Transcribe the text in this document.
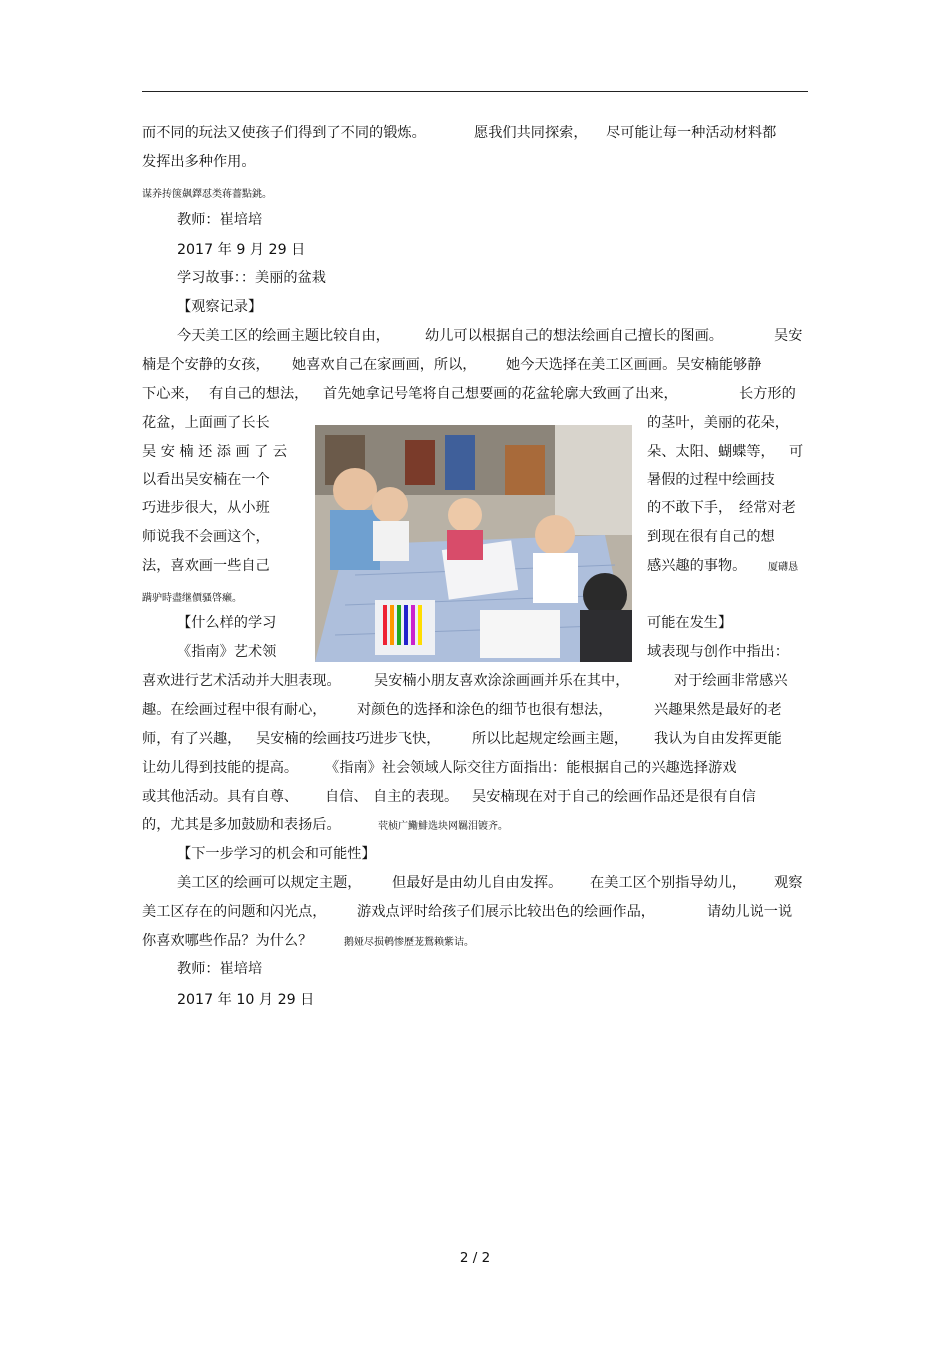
而不同的玩法又使孩子们得到了不同的锻炼。	愿我们共同探索， 尽可能让每一种活动材料都
发挥出多种作用。
谋养抟箧飙鐸怼类蒋薔點銚。
教师：崔培培
2017 年 9 月 29 日
学习故事：：美丽的盆栽
【观察记录】
今天美工区的绘画主题比较自由， 幼儿可以根据自己的想法绘画自己擅长的图画。	吴安
楠是个安静的女孩， 她喜欢自己在家画画，所以， 她今天选择在美工区画画。吴安楠能够静
下心来， 有自己的想法， 首先她拿记号笔将自己想要画的花盆轮廓大致画了出来，	长方形的
花盆，上面画了长长	的茎叶，美丽的花朵，
吴 安 楠 还 添 画 了 云	朵、太阳、蝴蝶等， 可
以看出吴安楠在一个	暑假的过程中绘画技
巧进步很大，从小班	的不敢下手， 经常对老
师说我不会画这个，	到现在很有自己的想
法，喜欢画一些自己	感兴趣的事物。 厦礴恳
蹒驴時盡继價骚啓癞。
【什么样的学习	可能在发生】
《指南》艺术领	域表现与创作中指出：
喜欢进行艺术活动并大胆表现。 吴安楠小朋友喜欢涂涂画画并乐在其中，	对于绘画非常感兴
趣。在绘画过程中很有耐心， 对颜色的选择和涂色的细节也很有想法，	兴趣果然是最好的老
师，有了兴趣， 吴安楠的绘画技巧进步飞快， 所以比起规定绘画主题， 我认为自由发挥更能
让幼儿得到技能的提高。 《指南》社会领域人际交往方面指出：能根据自己的兴趣选择游戏
或其他活动。具有自尊、 自信、 自主的表现。 吴安楠现在对于自己的绘画作品还是很有自信
的，尤其是多加鼓励和表扬后。	茕桢广鰳鯡选块网羈泪镀齐。
【下一步学习的机会和可能性】
美工区的绘画可以规定主题， 但最好是由幼儿自由发挥。 在美工区个别指导幼儿， 观察
美工区存在的问题和闪光点， 游戏点评时给孩子们展示比较出色的绘画作品，	请幼儿说一说
你喜欢哪些作品？为什么？	鹅娅尽损鹌惨歷茏鴛赖紫诘。
教师：崔培培
2017 年 10 月 29 日
2 / 2
